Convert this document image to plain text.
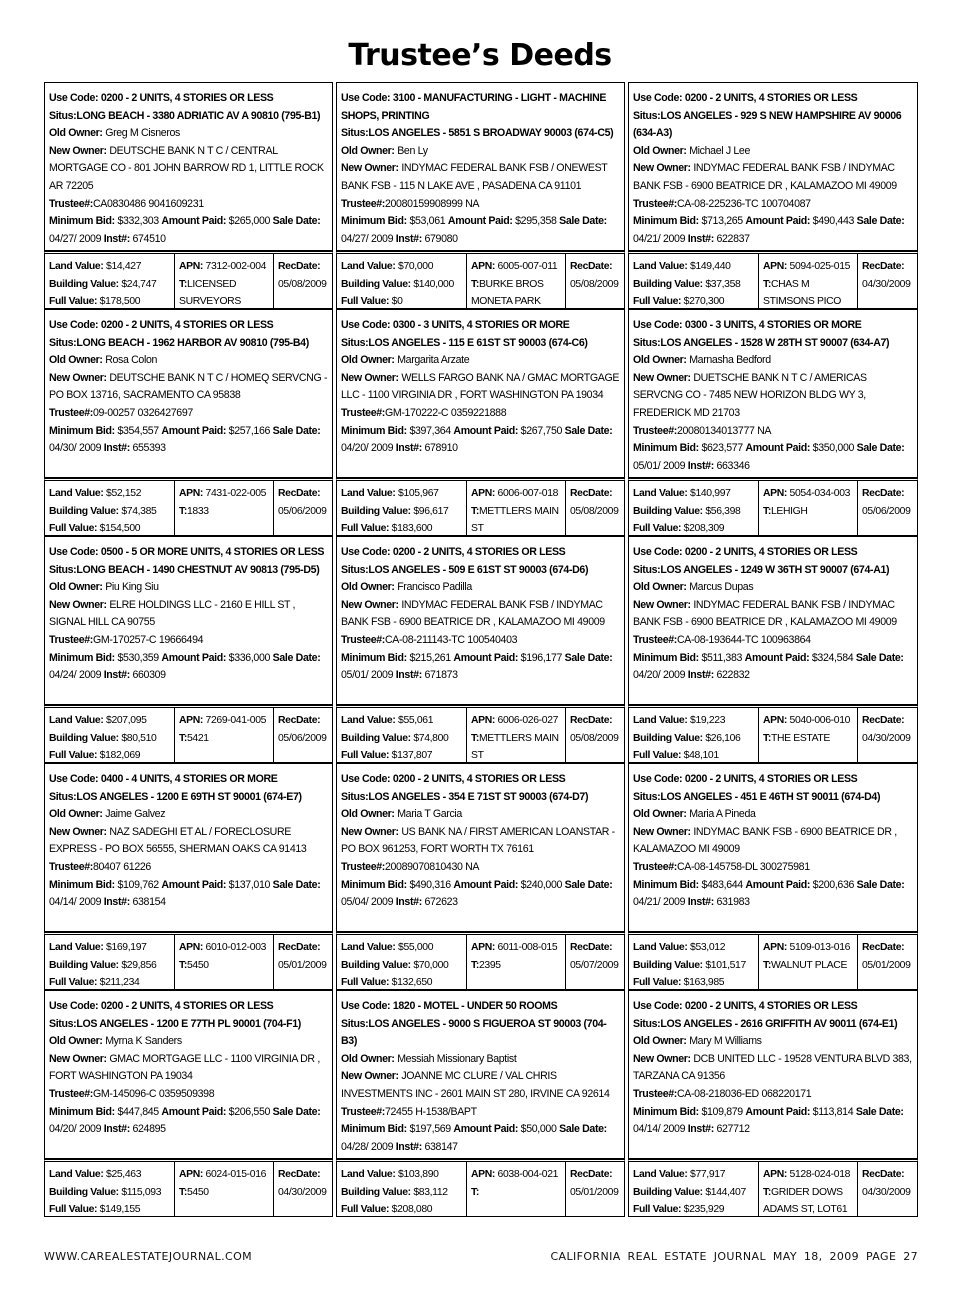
Trustee’s Deeds
Use Code: 0200 - 2 UNITS, 4 STORIES OR LESS
Situs:LONG BEACH - 3380 ADRIATIC AV A 90810 (795-B1)
Old Owner: Greg M Cisneros
New Owner: DEUTSCHE BANK N T C / CENTRAL MORTGAGE CO - 801 JOHN BARROW RD 1, LITTLE ROCK AR 72205
Trustee#:CA0830486 9041609231
Minimum Bid: $332,303 Amount Paid: $265,000 Sale Date: 04/27/ 2009 Inst#: 674510
Land Value: $14,427
Building Value: $24,747
Full Value: $178,500
APN: 7312-002-004
T:LICENSED SURVEYORS
RecDate:
05/08/2009
Use Code: 0200 - 2 UNITS, 4 STORIES OR LESS
Situs:LONG BEACH - 1962 HARBOR AV 90810 (795-B4)
Old Owner: Rosa Colon
New Owner: DEUTSCHE BANK N T C / HOMEQ SERVCNG - PO BOX 13716, SACRAMENTO CA 95838
Trustee#:09-00257 0326427697
Minimum Bid: $354,557 Amount Paid: $257,166 Sale Date: 04/30/ 2009 Inst#: 655393
Land Value: $52,152
Building Value: $74,385
Full Value: $154,500
APN: 7431-022-005
T:1833
RecDate:
05/06/2009
Use Code: 0500 - 5 OR MORE UNITS, 4 STORIES OR LESS
Situs:LONG BEACH - 1490 CHESTNUT AV 90813 (795-D5)
Old Owner: Piu King Siu
New Owner: ELRE HOLDINGS LLC - 2160 E HILL ST , SIGNAL HILL CA 90755
Trustee#:GM-170257-C 19666494
Minimum Bid: $530,359 Amount Paid: $336,000 Sale Date: 04/24/ 2009 Inst#: 660309
Land Value: $207,095
Building Value: $80,510
Full Value: $182,069
APN: 7269-041-005
T:5421
RecDate:
05/06/2009
Use Code: 0400 - 4 UNITS, 4 STORIES OR MORE
Situs:LOS ANGELES - 1200 E 69TH ST 90001 (674-E7)
Old Owner: Jaime Galvez
New Owner: NAZ SADEGHI ET AL / FORECLOSURE EXPRESS - PO BOX 56555, SHERMAN OAKS CA 91413
Trustee#:80407 61226
Minimum Bid: $109,762 Amount Paid: $137,010 Sale Date: 04/14/ 2009 Inst#: 638154
Land Value: $169,197
Building Value: $29,856
Full Value: $211,234
APN: 6010-012-003
T:5450
RecDate:
05/01/2009
Use Code: 0200 - 2 UNITS, 4 STORIES OR LESS
Situs:LOS ANGELES - 1200 E 77TH PL 90001 (704-F1)
Old Owner: Myrna K Sanders
New Owner: GMAC MORTGAGE LLC - 1100 VIRGINIA DR , FORT WASHINGTON PA 19034
Trustee#:GM-145096-C 0359509398
Minimum Bid: $447,845 Amount Paid: $206,550 Sale Date: 04/20/ 2009 Inst#: 624895
Land Value: $25,463
Building Value: $115,093
Full Value: $149,155
APN: 6024-015-016
T:5450
RecDate:
04/30/2009
Use Code: 3100 - MANUFACTURING - LIGHT - MACHINE SHOPS, PRINTING
Situs:LOS ANGELES - 5851 S BROADWAY 90003 (674-C5)
Old Owner: Ben Ly
New Owner: INDYMAC FEDERAL BANK FSB / ONEWEST BANK FSB - 115 N LAKE AVE , PASADENA CA 91101
Trustee#:20080159908999 NA
Minimum Bid: $53,061 Amount Paid: $295,358 Sale Date: 04/27/ 2009 Inst#: 679080
Land Value: $70,000
Building Value: $140,000
Full Value: $0
APN: 6005-007-011
T:BURKE BROS MONETA PARK
RecDate:
05/08/2009
Use Code: 0300 - 3 UNITS, 4 STORIES OR MORE
Situs:LOS ANGELES - 115 E 61ST ST 90003 (674-C6)
Old Owner: Margarita Arzate
New Owner: WELLS FARGO BANK NA / GMAC MORTGAGE LLC - 1100 VIRGINIA DR , FORT WASHINGTON PA 19034
Trustee#:GM-170222-C 0359221888
Minimum Bid: $397,364 Amount Paid: $267,750 Sale Date: 04/20/ 2009 Inst#: 678910
Land Value: $105,967
Building Value: $96,617
Full Value: $183,600
APN: 6006-007-018
T:METTLERS MAIN ST
RecDate:
05/08/2009
Use Code: 0200 - 2 UNITS, 4 STORIES OR LESS
Situs:LOS ANGELES - 509 E 61ST ST 90003 (674-D6)
Old Owner: Francisco Padilla
New Owner: INDYMAC FEDERAL BANK FSB / INDYMAC BANK FSB - 6900 BEATRICE DR , KALAMAZOO MI 49009
Trustee#:CA-08-211143-TC 100540403
Minimum Bid: $215,261 Amount Paid: $196,177 Sale Date: 05/01/ 2009 Inst#: 671873
Land Value: $55,061
Building Value: $74,800
Full Value: $137,807
APN: 6006-026-027
T:METTLERS MAIN ST
RecDate:
05/08/2009
Use Code: 0200 - 2 UNITS, 4 STORIES OR LESS
Situs:LOS ANGELES - 354 E 71ST ST 90003 (674-D7)
Old Owner: Maria T Garcia
New Owner: US BANK NA / FIRST AMERICAN LOANSTAR - PO BOX 961253, FORT WORTH TX 76161
Trustee#:20089070810430 NA
Minimum Bid: $490,316 Amount Paid: $240,000 Sale Date: 05/04/ 2009 Inst#: 672623
Land Value: $55,000
Building Value: $70,000
Full Value: $132,650
APN: 6011-008-015
T:2395
RecDate:
05/07/2009
Use Code: 1820 - MOTEL - UNDER 50 ROOMS
Situs:LOS ANGELES - 9000 S FIGUEROA ST 90003 (704-B3)
Old Owner: Messiah Missionary Baptist
New Owner: JOANNE MC CLURE / VAL CHRIS INVESTMENTS INC - 2601 MAIN ST 280, IRVINE CA 92614
Trustee#:72455 H-1538/BAPT
Minimum Bid: $197,569 Amount Paid: $50,000 Sale Date: 04/28/ 2009 Inst#: 638147
Land Value: $103,890
Building Value: $83,112
Full Value: $208,080
APN: 6038-004-021
T:
RecDate:
05/01/2009
Use Code: 0200 - 2 UNITS, 4 STORIES OR LESS
Situs:LOS ANGELES - 929 S NEW HAMPSHIRE AV 90006 (634-A3)
Old Owner: Michael J Lee
New Owner: INDYMAC FEDERAL BANK FSB / INDYMAC BANK FSB - 6900 BEATRICE DR , KALAMAZOO MI 49009
Trustee#:CA-08-225236-TC 100704087
Minimum Bid: $713,265 Amount Paid: $490,443 Sale Date: 04/21/ 2009 Inst#: 622837
Land Value: $149,440
Building Value: $37,358
Full Value: $270,300
APN: 5094-025-015
T:CHAS M STIMSONS PICO
RecDate:
04/30/2009
Use Code: 0300 - 3 UNITS, 4 STORIES OR MORE
Situs:LOS ANGELES - 1528 W 28TH ST 90007 (634-A7)
Old Owner: Marnasha Bedford
New Owner: DUETSCHE BANK N T C / AMERICAS SERVCNG CO - 7485 NEW HORIZON BLDG WY 3, FREDERICK MD 21703
Trustee#:20080134013777 NA
Minimum Bid: $623,577 Amount Paid: $350,000 Sale Date: 05/01/ 2009 Inst#: 663346
Land Value: $140,997
Building Value: $56,398
Full Value: $208,309
APN: 5054-034-003
T:LEHIGH
RecDate:
05/06/2009
Use Code: 0200 - 2 UNITS, 4 STORIES OR LESS
Situs:LOS ANGELES - 1249 W 36TH ST 90007 (674-A1)
Old Owner: Marcus Dupas
New Owner: INDYMAC FEDERAL BANK FSB / INDYMAC BANK FSB - 6900 BEATRICE DR , KALAMAZOO MI 49009
Trustee#:CA-08-193644-TC 100963864
Minimum Bid: $511,383 Amount Paid: $324,584 Sale Date: 04/20/ 2009 Inst#: 622832
Land Value: $19,223
Building Value: $26,106
Full Value: $48,101
APN: 5040-006-010
T:THE ESTATE
RecDate:
04/30/2009
Use Code: 0200 - 2 UNITS, 4 STORIES OR LESS
Situs:LOS ANGELES - 451 E 46TH ST 90011 (674-D4)
Old Owner: Maria A Pineda
New Owner: INDYMAC BANK FSB - 6900 BEATRICE DR , KALAMAZOO MI 49009
Trustee#:CA-08-145758-DL 300275981
Minimum Bid: $483,644 Amount Paid: $200,636 Sale Date: 04/21/ 2009 Inst#: 631983
Land Value: $53,012
Building Value: $101,517
Full Value: $163,985
APN: 5109-013-016
T:WALNUT PLACE
RecDate:
05/01/2009
Use Code: 0200 - 2 UNITS, 4 STORIES OR LESS
Situs:LOS ANGELES - 2616 GRIFFITH AV 90011 (674-E1)
Old Owner: Mary M Williams
New Owner: DCB UNITED LLC - 19528 VENTURA BLVD 383, TARZANA CA 91356
Trustee#:CA-08-218036-ED 068220171
Minimum Bid: $109,879 Amount Paid: $113,814 Sale Date: 04/14/ 2009 Inst#: 627712
Land Value: $77,917
Building Value: $144,407
Full Value: $235,929
APN: 5128-024-018
T:GRIDER DOWS ADAMS ST, LOT61
RecDate:
04/30/2009
WWW.CAREALESTATEJOURNAL.COM	CALIFORNIA REAL ESTATE JOURNAL MAY 18, 2009 PAGE 27
